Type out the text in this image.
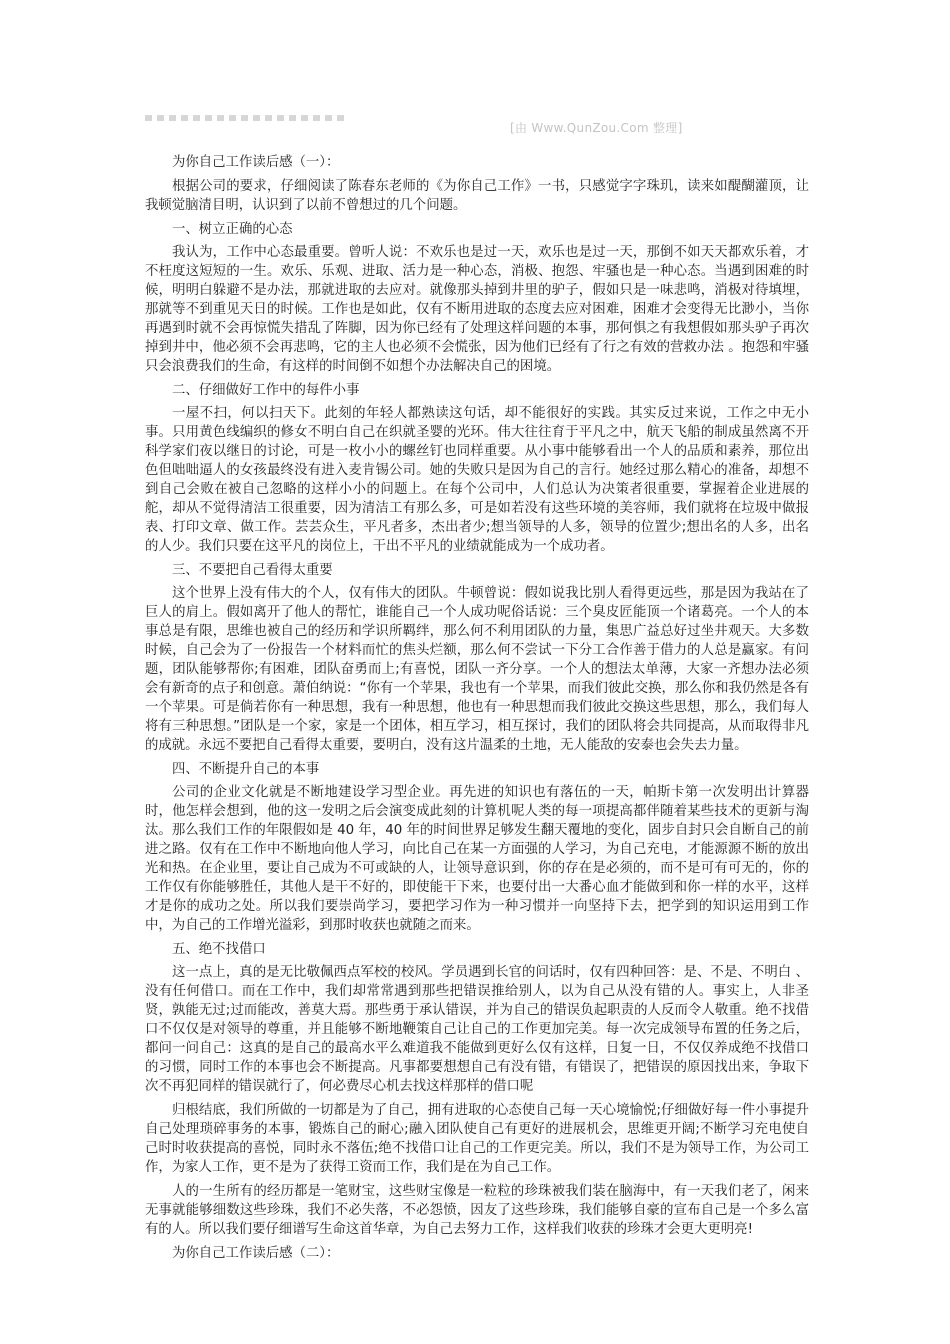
[由 Www.QunZou.Com 整理]

为你自己工作读后感（一）：

根据公司的要求，仔细阅读了陈春东老师的《为你自己工作》一书，只感觉字字珠玑，读来如醍醐灌顶，让我顿觉脑清目明，认识到了以前不曾想过的几个问题。

一、树立正确的心态

我认为，工作中心态最重要。曾听人说：不欢乐也是过一天，欢乐也是过一天，那倒不如天天都欢乐着，才不枉度这短短的一生。欢乐、乐观、进取、活力是一种心态，消极、抱怨、牢骚也是一种心态。当遇到困难的时候，明明白躲避不是办法，那就进取的去应对。就像那头掉到井里的驴子，假如只是一味悲鸣，消极对待填埋，那就等不到重见天日的时候。工作也是如此，仅有不断用进取的态度去应对困难，困难才会变得无比渺小，当你再遇到时就不会再惊慌失措乱了阵脚，因为你已经有了处理这样问题的本事，那何惧之有我想假如那头驴子再次掉到井中，他必须不会再悲鸣，它的主人也必须不会慌张，因为他们已经有了行之有效的营救办法 。抱怨和牢骚只会浪费我们的生命，有这样的时间倒不如想个办法解决自己的困境。

二、仔细做好工作中的每件小事

一屋不扫，何以扫天下。此刻的年轻人都熟读这句话，却不能很好的实践。其实反过来说，工作之中无小事。只用黄色线编织的修女不明白自己在织就圣婴的光环。伟大往往育于平凡之中，航天飞船的制成虽然离不开科学家们夜以继日的讨论，可是一枚小小的螺丝钉也同样重要。从小事中能够看出一个人的品质和素养，那位出色但咄咄逼人的女孩最终没有进入麦肯锡公司。她的失败只是因为自己的言行。她经过那么精心的准备，却想不到自己会败在被自己忽略的这样小小的问题上。在每个公司中，人们总认为决策者很重要，掌握着企业进展的舵，却从不觉得清洁工很重要，因为清洁工有那么多，可是如若没有这些环境的美容师，我们就将在垃圾中做报表、打印文章、做工作。芸芸众生，平凡者多，杰出者少;想当领导的人多，领导的位置少;想出名的人多，出名的人少。我们只要在这平凡的岗位上，干出不平凡的业绩就能成为一个成功者。

三、不要把自己看得太重要

这个世界上没有伟大的个人，仅有伟大的团队。牛顿曾说：假如说我比别人看得更远些，那是因为我站在了巨人的肩上。假如离开了他人的帮忙，谁能自己一个人成功呢俗话说：三个臭皮匠能顶一个诸葛亮。一个人的本事总是有限，思维也被自己的经历和学识所羁绊，那么何不利用团队的力量，集思广益总好过坐井观天。大多数时候，自己会为了一份报告一个材料而忙的焦头烂额，那么何不尝试一下分工合作善于借力的人总是赢家。有问题，团队能够帮你;有困难，团队奋勇而上;有喜悦，团队一齐分享。一个人的想法太单薄，大家一齐想办法必须会有新奇的点子和创意。萧伯纳说：“你有一个苹果，我也有一个苹果，而我们彼此交换，那么你和我仍然是各有一个苹果。可是倘若你有一种思想，我有一种思想，他也有一种思想而我们彼此交换这些思想，那么，我们每人将有三种思想。”团队是一个家，家是一个团体，相互学习，相互探讨，我们的团队将会共同提高，从而取得非凡的成就。永远不要把自己看得太重要，要明白，没有这片温柔的土地，无人能敌的安泰也会失去力量。

四、不断提升自己的本事

公司的企业文化就是不断地建设学习型企业。再先进的知识也有落伍的一天，帕斯卡第一次发明出计算器时，他怎样会想到，他的这一发明之后会演变成此刻的计算机呢人类的每一项提高都伴随着某些技术的更新与淘汰。那么我们工作的年限假如是 40 年，40 年的时间世界足够发生翻天覆地的变化，固步自封只会自断自己的前进之路。仅有在工作中不断地向他人学习，向比自己在某一方面强的人学习，为自己充电，才能源源不断的放出光和热。在企业里，要让自己成为不可或缺的人，让领导意识到，你的存在是必须的，而不是可有可无的，你的工作仅有你能够胜任，其他人是干不好的，即使能干下来，也要付出一大番心血才能做到和你一样的水平，这样才是你的成功之处。所以我们要崇尚学习，要把学习作为一种习惯并一向坚持下去，把学到的知识运用到工作中，为自己的工作增光溢彩，到那时收获也就随之而来。

五、绝不找借口

这一点上，真的是无比敬佩西点军校的校风。学员遇到长官的问话时，仅有四种回答：是、不是、不明白 、没有任何借口。而在工作中，我们却常常遇到那些把错误推给别人，以为自己从没有错的人。事实上，人非圣贤，孰能无过;过而能改，善莫大焉。那些勇于承认错误，并为自己的错误负起职责的人反而令人敬重。绝不找借口不仅仅是对领导的尊重，并且能够不断地鞭策自己让自己的工作更加完美。每一次完成领导布置的任务之后，都问一问自己：这真的是自己的最高水平么难道我不能做到更好么仅有这样，日复一日，不仅仅养成绝不找借口的习惯，同时工作的本事也会不断提高。凡事都要想想自己有没有错，有错误了，把错误的原因找出来，争取下次不再犯同样的错误就行了，何必费尽心机去找这样那样的借口呢

归根结底，我们所做的一切都是为了自己，拥有进取的心态使自己每一天心境愉悦;仔细做好每一件小事提升自己处理琐碎事务的本事，锻炼自己的耐心;融入团队使自己有更好的进展机会，思维更开阔;不断学习充电使自己时时收获提高的喜悦，同时永不落伍;绝不找借口让自己的工作更完美。所以，我们不是为领导工作，为公司工作，为家人工作，更不是为了获得工资而工作，我们是在为自己工作。

人的一生所有的经历都是一笔财宝，这些财宝像是一粒粒的珍珠被我们装在脑海中，有一天我们老了，闲来无事就能够细数这些珍珠，我们不必失落，不必怨愤，因友了这些珍珠，我们能够自豪的宣布自己是一个多么富有的人。所以我们要仔细谱写生命这首华章，为自己去努力工作，这样我们收获的珍珠才会更大更明亮!

为你自己工作读后感（二）：
